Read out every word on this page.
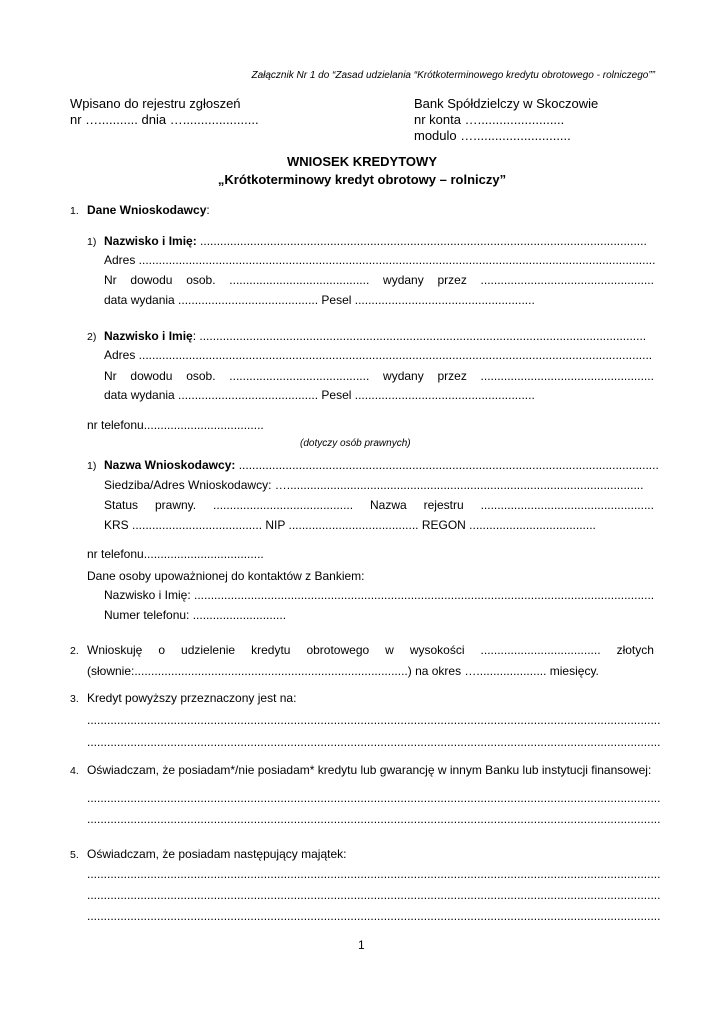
Załącznik Nr 1 do “Zasad udzielania “Krótkoterminowego kredytu obrotowego - rolniczego””
Wpisano do rejestru zgłoszeń
nr …........... dnia ….....................
Bank Spółdzielczy w Skoczowie
nr konta …........................
modulo …...........................
WNIOSEK KREDYTOWY
„Krótkoterminowy kredyt obrotowy – rolniczy”
1. Dane Wnioskodawcy:
1) Nazwisko i Imię: ......................................................................................................................................
Adres ...........................................................................................................................................................
Nr dowodu osob. .......................................... wydany przez ....................................................
data wydania .......................................... Pesel ......................................................
2) Nazwisko i Imię: ......................................................................................................................................
Adres ..........................................................................................................................................................
Nr dowodu osob. .......................................... wydany przez ....................................................
data wydania .......................................... Pesel ......................................................
nr telefonu....................................
(dotyczy osób prawnych)
1) Nazwa Wnioskodawcy: ..............................................................................................................................
Siedziba/Adres Wnioskodawcy: …...........................................................................................................
Status prawny. .......................................... Nazwa rejestru ....................................................
KRS ....................................... NIP ....................................... REGON ......................................
nr telefonu....................................
Dane osoby upoważnionej do kontaktów z Bankiem:
Nazwisko i Imię: ..........................................................................................................................................
Numer telefonu: ............................
2. Wnioskuję o udzielenie kredytu obrotowego w wysokości .................................... złotych
(słownie:..................................................................................) na okres …..................... miesięcy.
3. Kredyt powyższy przeznaczony jest na:
............................................................................................................................................................................
............................................................................................................................................................................
4. Oświadczam, że posiadam*/nie posiadam* kredytu lub gwarancję w innym Banku lub instytucji finansowej:
............................................................................................................................................................................
............................................................................................................................................................................
5. Oświadczam, że posiadam następujący majątek:
............................................................................................................................................................................
............................................................................................................................................................................
............................................................................................................................................................................
1
